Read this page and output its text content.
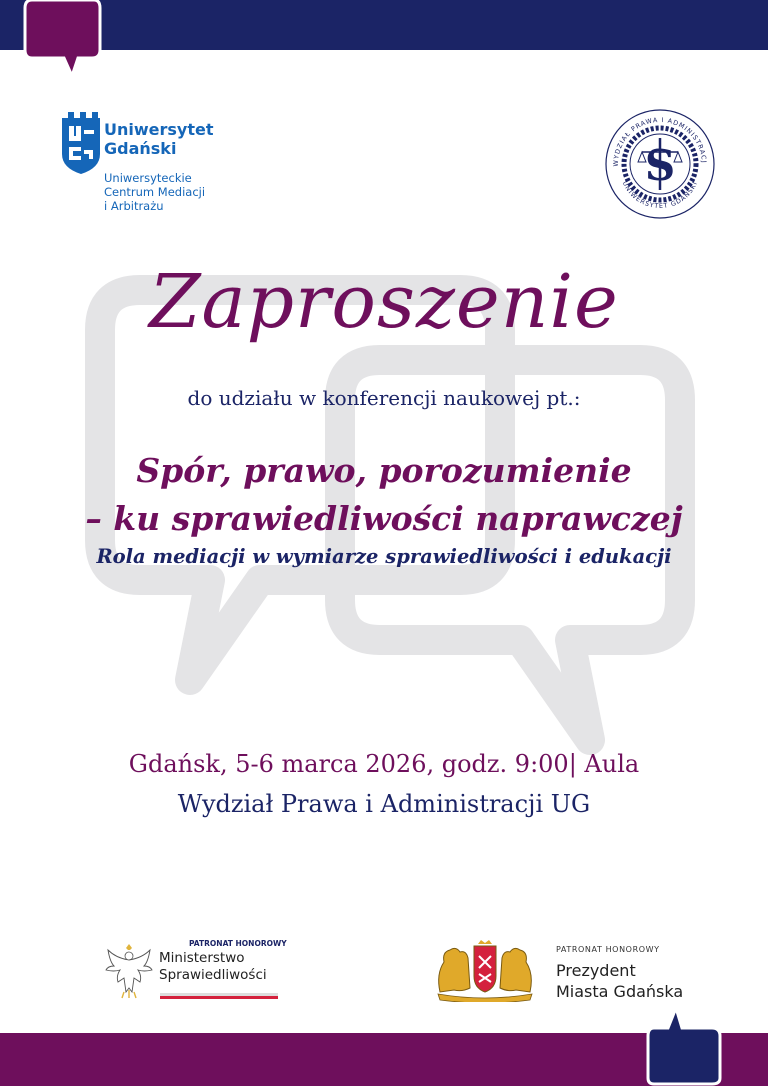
Uniwersytet
Gdański
Uniwersyteckie
Centrum Mediacji
i Arbitrażu
WYDZIAŁ PRAWA I ADMINISTRACJ
UNIWERSYTET GDAŃSKI
S
Zaproszenie
do udziału w konferencji naukowej pt.:
Spór, prawo, porozumienie
– ku sprawiedliwości naprawczej
Rola mediacji w wymiarze sprawiedliwości i edukacji
Gdańsk, 5-6 marca 2026, godz. 9:00| Aula
Wydział Prawa i Administracji UG
PATRONAT HONOROWY
Ministerstwo
Sprawiedliwości
PATRONAT HONOROWY
Prezydent
Miasta Gdańska
